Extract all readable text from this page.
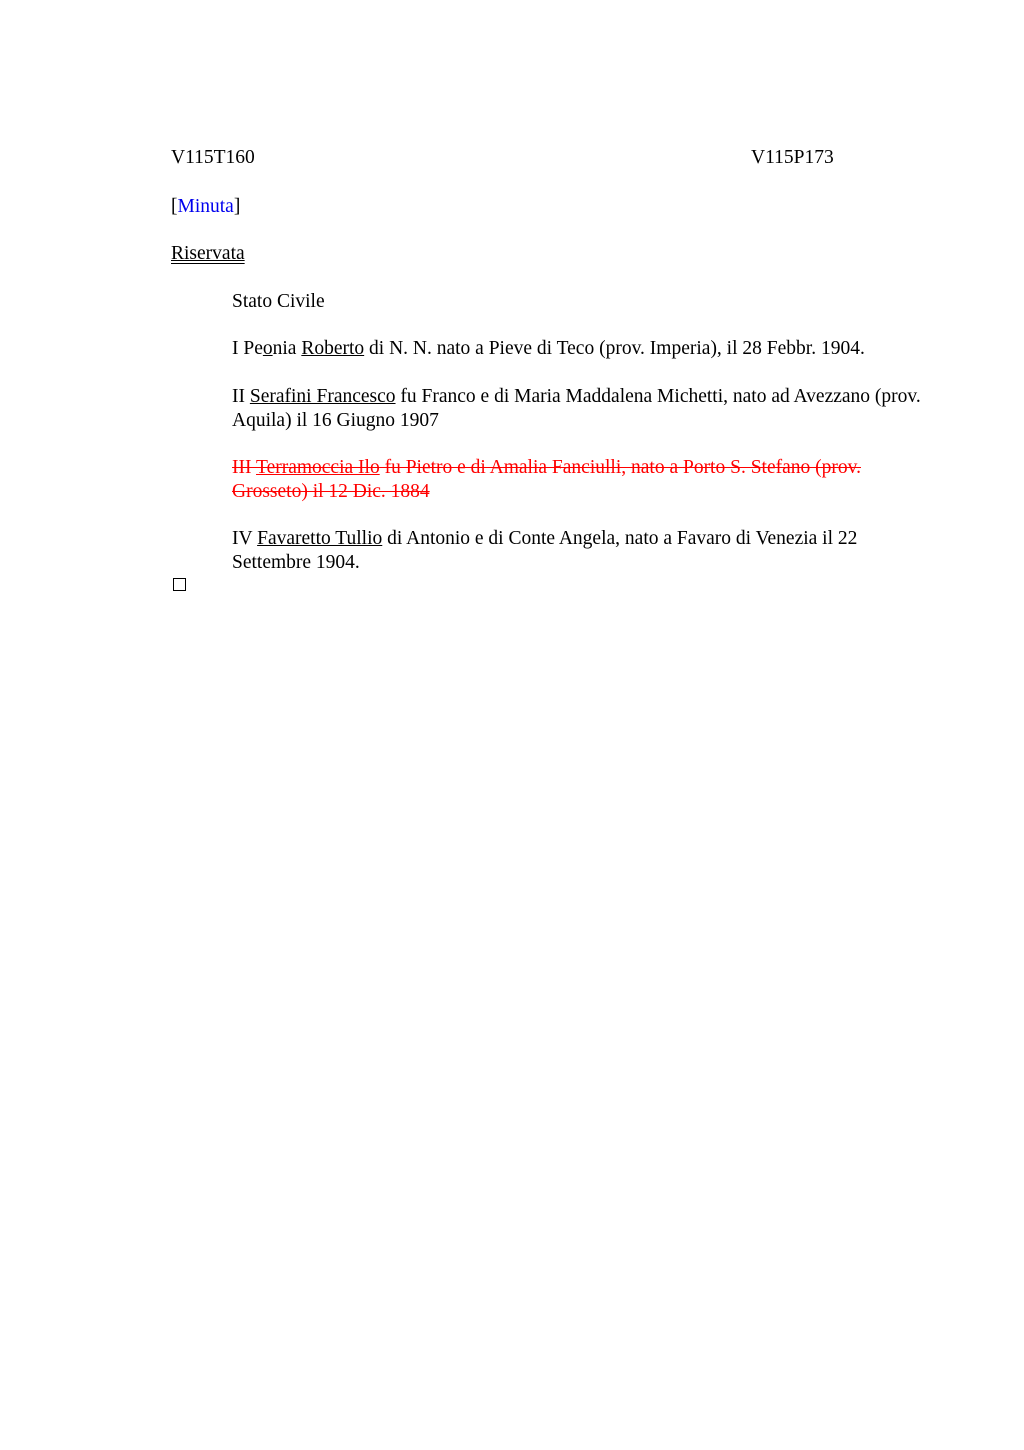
V115T160	V115P173
[Minuta]
Riservata
Stato Civile
I Peonia Roberto di N. N. nato a Pieve di Teco (prov. Imperia), il 28 Febbr. 1904.
II Serafini Francesco fu Franco e di Maria Maddalena Michetti, nato ad Avezzano (prov. Aquila) il 16 Giugno 1907
III Terramoccia Ilo fu Pietro e di Amalia Fanciulli, nato a Porto S. Stefano (prov. Grosseto) il 12 Dic. 1884
IV Favaretto Tullio di Antonio e di Conte Angela, nato a Favaro di Venezia il 22 Settembre 1904.
